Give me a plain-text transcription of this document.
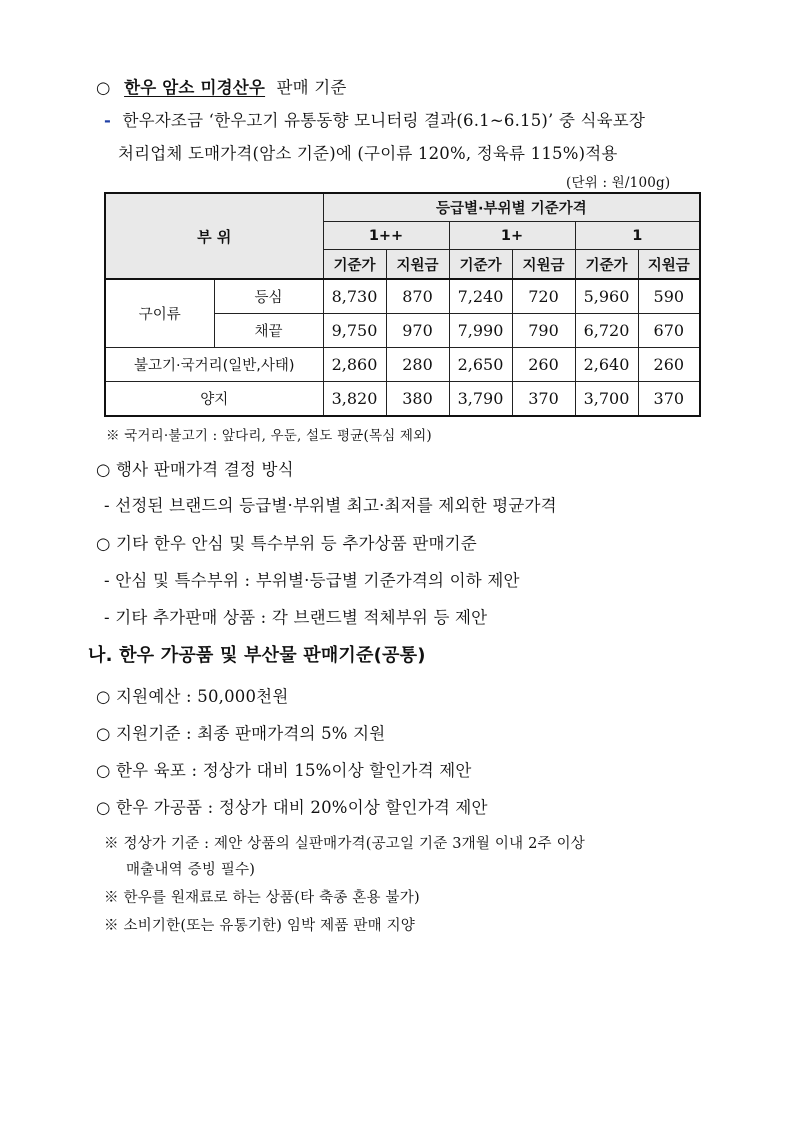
○ 한우 암소 미경산우 판매 기준
- 한우자조금 ‘한우고기 유통동향 모니터링 결과(6.1~6.15)’ 중 식육포장
처리업체 도매가격(암소 기준)에 (구이류 120%, 정육류 115%)적용
(단위 : 원/100g)
부 위		등급별·부위별 기준가격					
		1++		1+		1	
		기준가	지원금	기준가	지원금	기준가	지원금
구이류	등심	8,730	870	7,240	720	5,960	590
	채끝	9,750	970	7,990	790	6,720	670
불고기·국거리(일반,사태)		2,860	280	2,650	260	2,640	260
양지		3,820	380	3,790	370	3,700	370
※ 국거리·불고기 : 앞다리, 우둔, 설도 평균(목심 제외)
○ 행사 판매가격 결정 방식
- 선정된 브랜드의 등급별·부위별 최고·최저를 제외한 평균가격
○ 기타 한우 안심 및 특수부위 등 추가상품 판매기준
- 안심 및 특수부위 : 부위별·등급별 기준가격의 이하 제안
- 기타 추가판매 상품 : 각 브랜드별 적체부위 등 제안
나. 한우 가공품 및 부산물 판매기준(공통)
○ 지원예산 : 50,000천원
○ 지원기준 : 최종 판매가격의 5% 지원
○ 한우 육포 : 정상가 대비 15%이상 할인가격 제안
○ 한우 가공품 : 정상가 대비 20%이상 할인가격 제안
※ 정상가 기준 : 제안 상품의 실판매가격(공고일 기준 3개월 이내 2주 이상
매출내역 증빙 필수)
※ 한우를 원재료로 하는 상품(타 축종 혼용 불가)
※ 소비기한(또는 유통기한) 임박 제품 판매 지양
